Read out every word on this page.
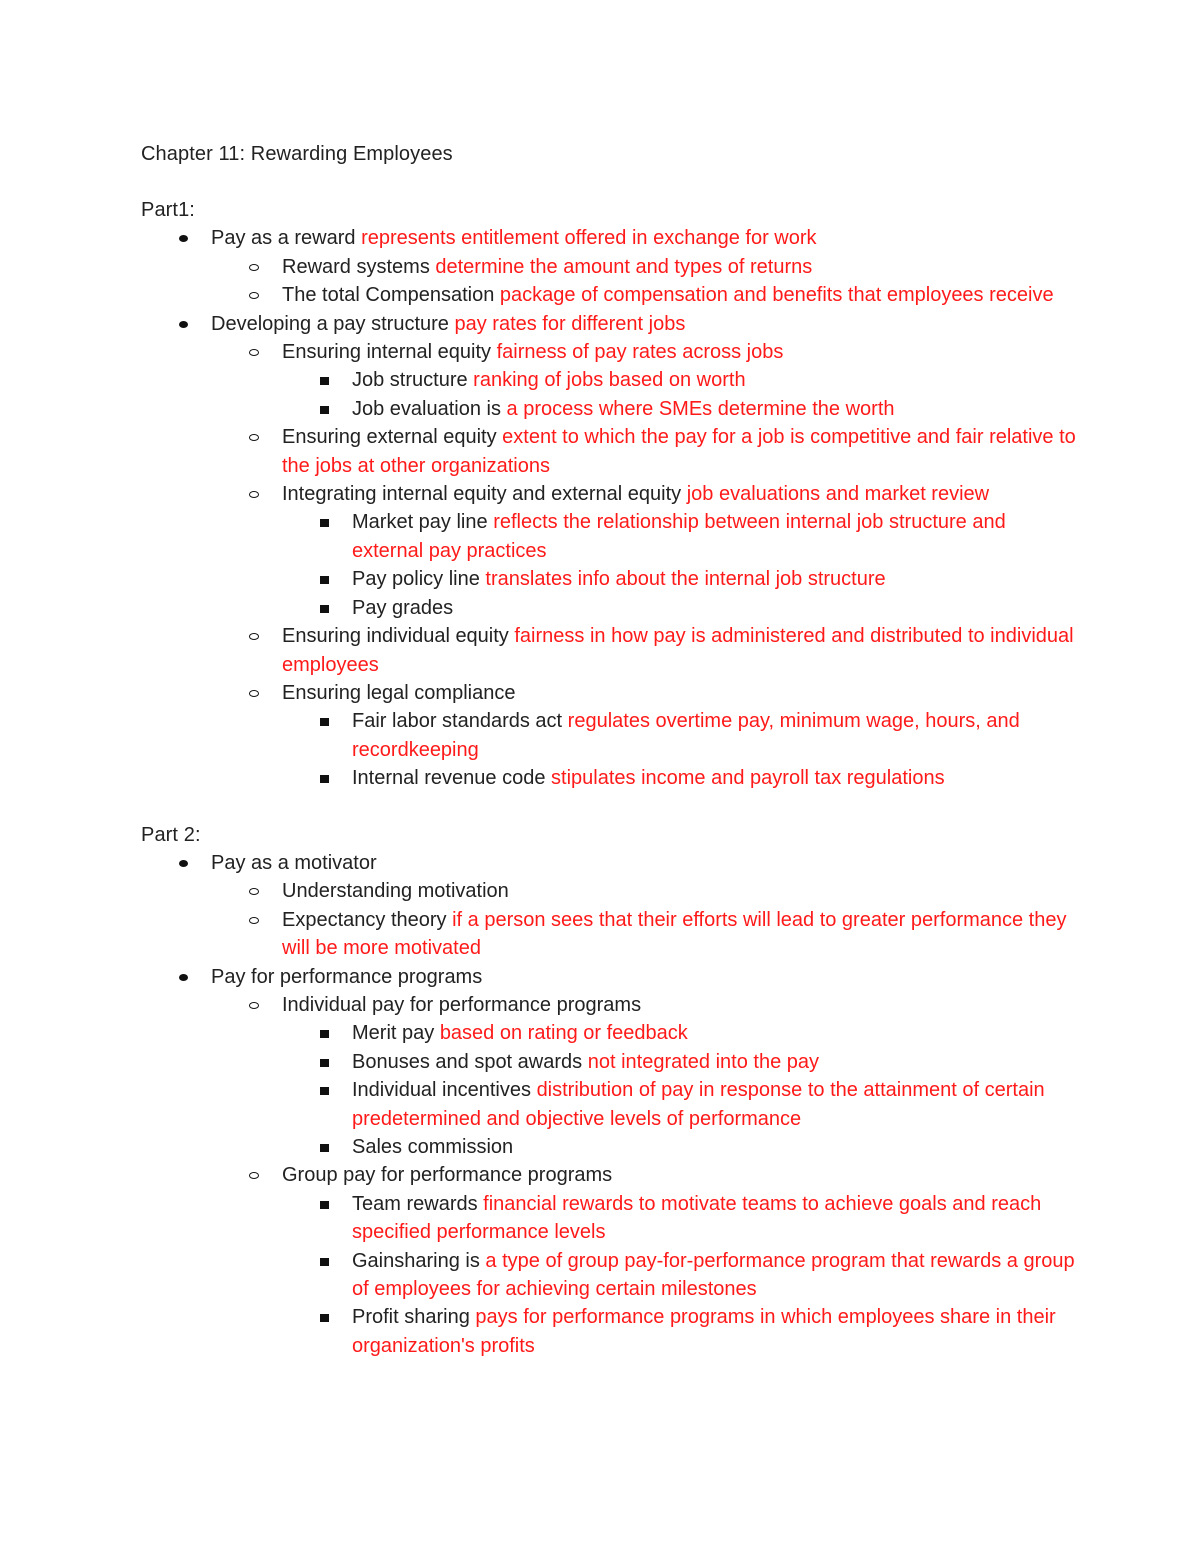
Chapter 11: Rewarding Employees
Part1:
Pay as a reward represents entitlement offered in exchange for work
Reward systems determine the amount and types of returns
The total Compensation package of compensation and benefits that employees receive
Developing a pay structure pay rates for different jobs
Ensuring internal equity fairness of pay rates across jobs
Job structure ranking of jobs based on worth
Job evaluation is a process where SMEs determine the worth
Ensuring external equity extent to which the pay for a job is competitive and fair relative to the jobs at other organizations
Integrating internal equity and external equity job evaluations and market review
Market pay line reflects the relationship between internal job structure and external pay practices
Pay policy line translates info about the internal job structure
Pay grades
Ensuring individual equity fairness in how pay is administered and distributed to individual employees
Ensuring legal compliance
Fair labor standards act regulates overtime pay, minimum wage, hours, and recordkeeping
Internal revenue code stipulates income and payroll tax regulations
Part 2:
Pay as a motivator
Understanding motivation
Expectancy theory if a person sees that their efforts will lead to greater performance they will be more motivated
Pay for performance programs
Individual pay for performance programs
Merit pay based on rating or feedback
Bonuses and spot awards not integrated into the pay
Individual incentives distribution of pay in response to the attainment of certain predetermined and objective levels of performance
Sales commission
Group pay for performance programs
Team rewards financial rewards to motivate teams to achieve goals and reach specified performance levels
Gainsharing is a type of group pay-for-performance program that rewards a group of employees for achieving certain milestones
Profit sharing pays for performance programs in which employees share in their organization's profits
